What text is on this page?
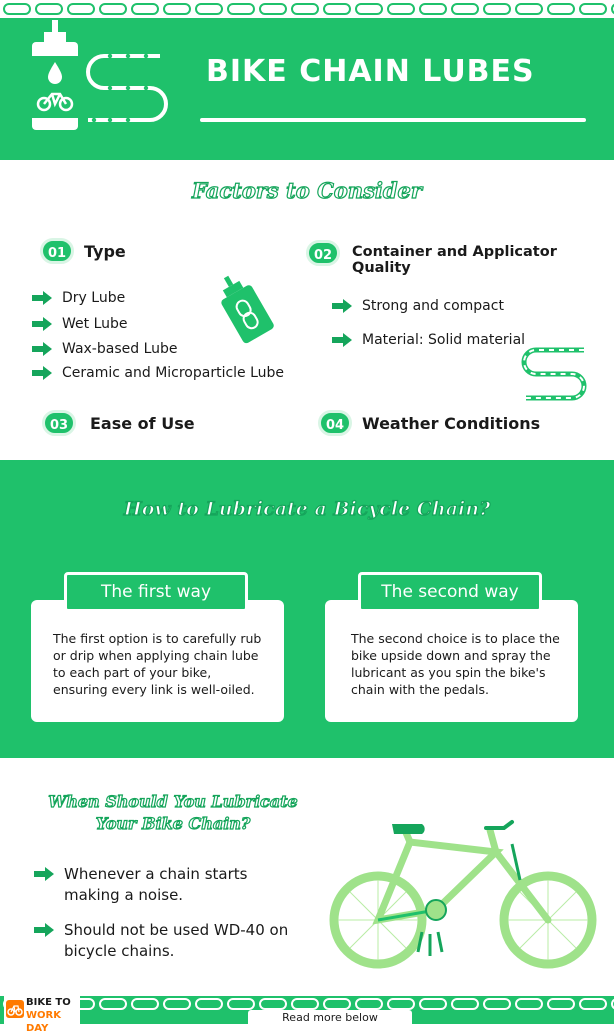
BIKE CHAIN LUBES
Factors to Consider
01	Type	02	Container and Applicator Quality
Dry Lube
Wet Lube
Wax-based Lube
Ceramic and Microparticle Lube
Strong and compact
Material: Solid material
03	Ease of Use	04	Weather Conditions
How to Lubricate a Bicycle Chain?
The first option is to carefully rub or drip when applying chain lube to each part of your bike, ensuring every link is well-oiled.
The first way
The second choice is to place the bike upside down and spray the lubricant as you spin the bike's chain with the pedals.
The second way
When Should You Lubricate
Your Bike Chain?
Whenever a chain starts making a noise.
Should not be used WD-40 on bicycle chains.
BIKE TO
WORK DAY
Read more below
